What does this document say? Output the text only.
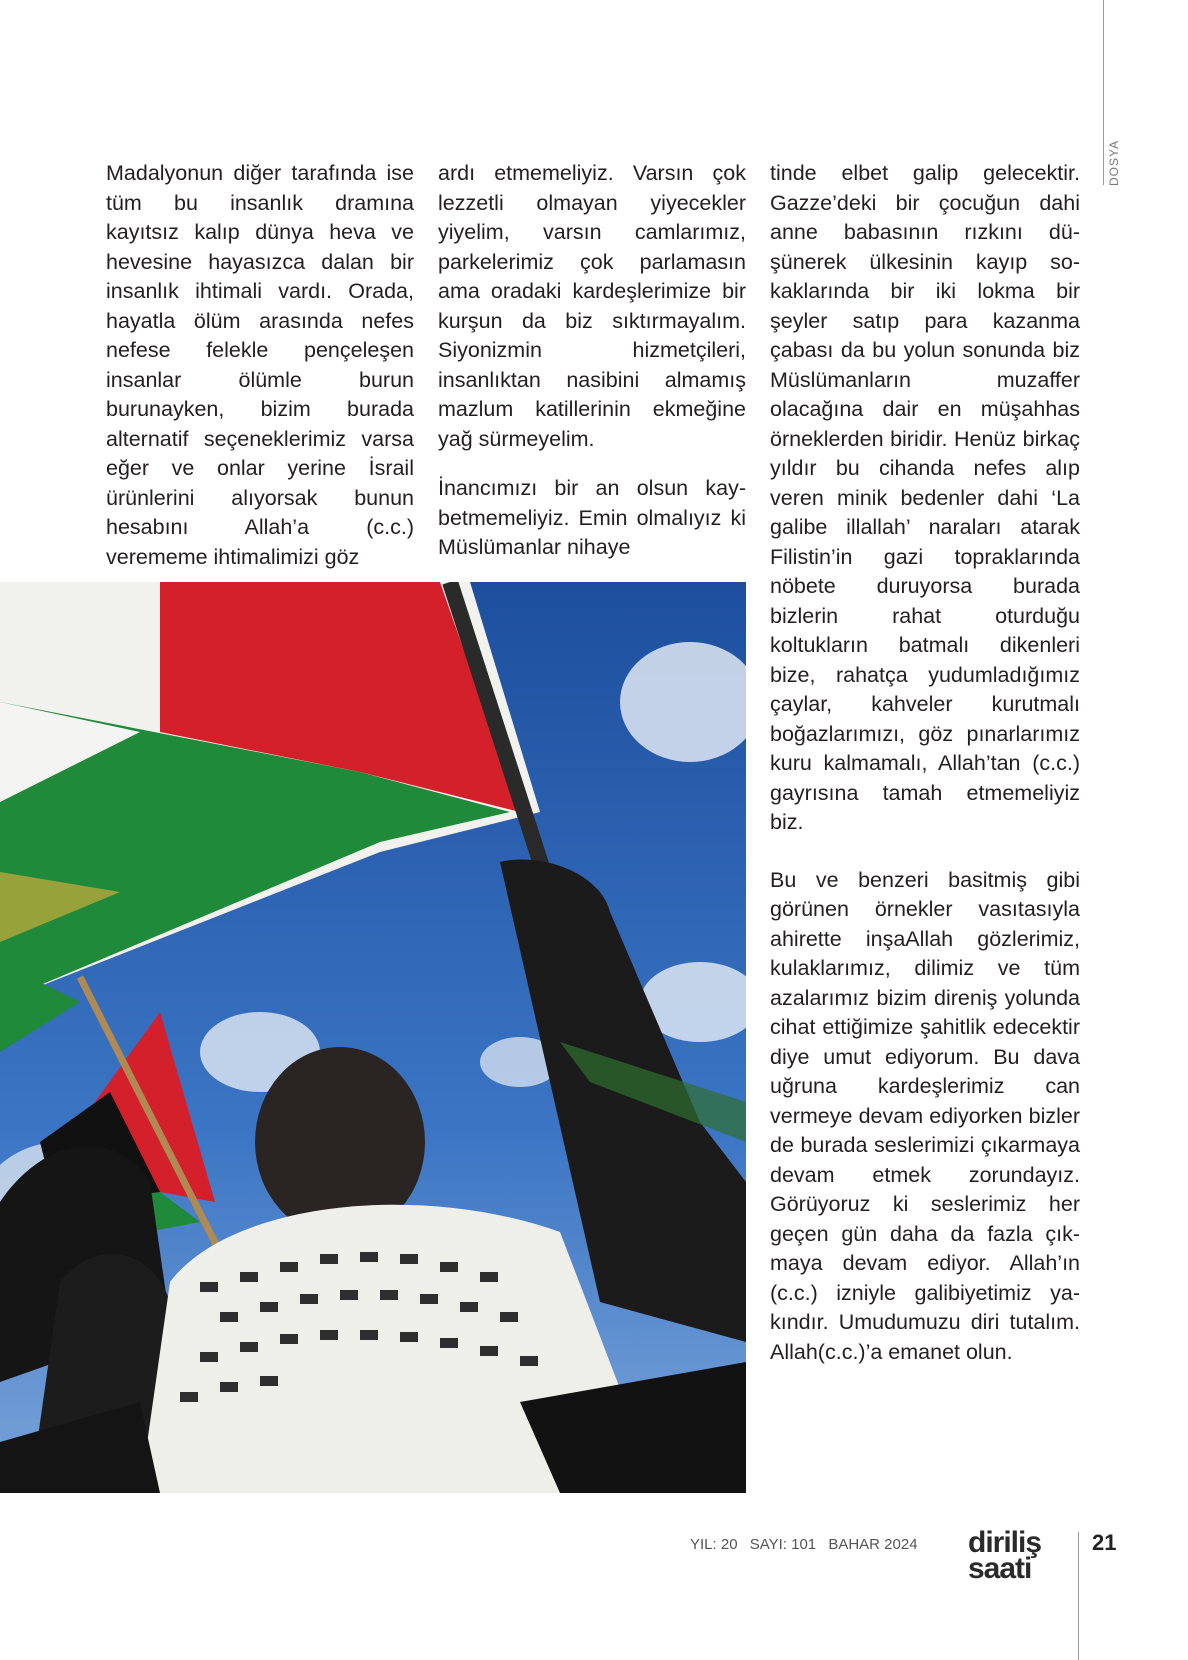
DOSYA

Madalyonun diğer tarafında ise tüm bu insanlık dramına kayıtsız kalıp dünya heva ve hevesine hayasızca dalan bir insanlık ihtimali vardı. Orada, hayatla ölüm arasında nefes nefese felekle pençeleşen insanlar ölümle burun burunayken, bizim burada alternatif seçeneklerimiz varsa eğer ve onlar yerine İsrail ürünlerini alıyorsak bunun hesabını Allah’a (c.c.) verememe ihtimalimizi göz

ardı etmemeliyiz. Varsın çok lezzetli olmayan yiyecekler yiyelim, varsın camlarımız, parkelerimiz çok parlamasın ama oradaki kardeşlerimize bir kurşun da biz sıktırmayalım. Siyonizmin hizmetçileri, insanlıktan nasibini almamış mazlum katillerinin ekmeğine yağ sürmeyelim.

İnancımızı bir an olsun kaybetmemeliyiz. Emin olmalıyız ki Müslümanlar nihaye

tinde elbet galip gelecektir. Gazze’deki bir çocuğun dahi anne babasının rızkını düşünerek ülkesinin kayıp sokaklarında bir iki lokma bir şeyler satıp para kazanma çabası da bu yolun sonunda biz Müslümanların muzaffer olacağına dair en müşahhas örneklerden biridir. Henüz birkaç yıldır bu cihanda nefes alıp veren minik bedenler dahi ‘La galibe illallah’ naraları atarak Filistin’in gazi topraklarında nöbete duruyorsa burada bizlerin rahat oturduğu koltukların batmalı dikenleri bize, rahatça yudumladığımız çaylar, kahveler kurutmalı boğazlarımızı, göz pınarlarımız kuru kalmamalı, Allah’tan (c.c.) gayrısına tamah etmemeliyiz biz.

Bu ve benzeri basitmiş gibi görünen örnekler vasıtasıyla ahirette inşaAllah gözlerimiz, kulaklarımız, dilimiz ve tüm azalarımız bizim direniş yolunda cihat ettiğimize şahitlik edecektir diye umut ediyorum. Bu dava uğruna kardeşlerimiz can vermeye devam ediyorken bizler de burada seslerimizi çıkarmaya devam etmek zorundayız. Görüyoruz ki seslerimiz her geçen gün daha da fazla çıkmaya devam ediyor. Allah’ın (c.c.) izniyle galibiyetimiz yakındır. Umudumuzu diri tutalım. Allah(c.c.)’a emanet olun.

YIL: 20 SAYI: 101 BAHAR 2024	diriliş
saati
21
